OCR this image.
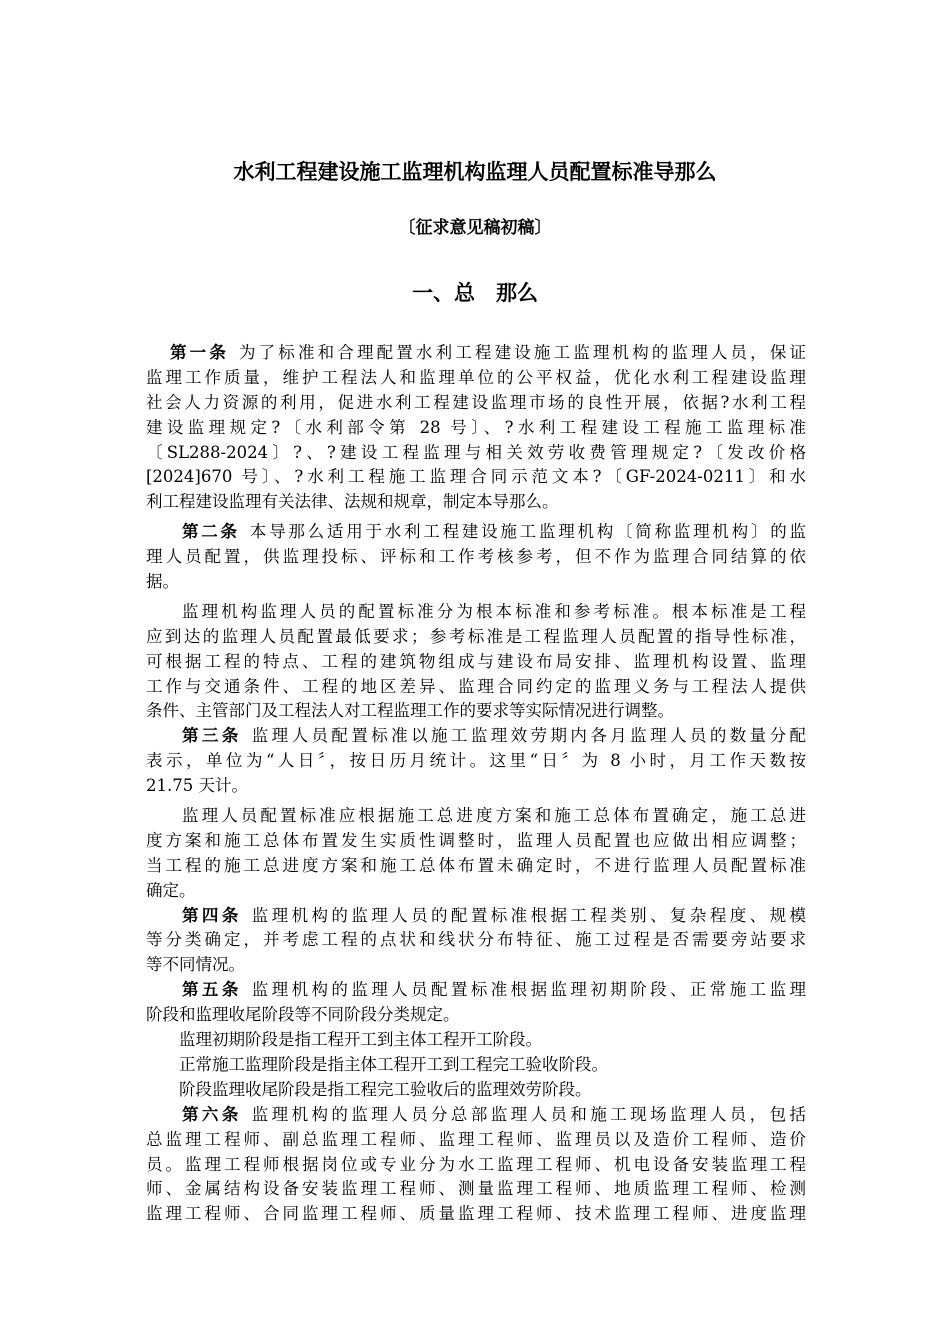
水利工程建设施工监理机构监理人员配置标准导那么
〔征求意见稿初稿〕
一、总　那么
第一条 为了标准和合理配置水利工程建设施工监理机构的监理人员，保证
监理工作质量，维护工程法人和监理单位的公平权益，优化水利工程建设监理
社会人力资源的利用，促进水利工程建设监理市场的良性开展，依据?水利工程
建设监理规定?〔水利部令第 28 号〕、?水利工程建设工程施工监理标准
〔SL288-2024〕?、?建设工程监理与相关效劳收费管理规定?〔发改价格
[2024]670 号〕、?水利工程施工监理合同示范文本?〔GF-2024-0211〕和水
利工程建设监理有关法律、法规和规章，制定本导那么。
第二条 本导那么适用于水利工程建设施工监理机构〔简称监理机构〕的监
理人员配置，供监理投标、评标和工作考核参考，但不作为监理合同结算的依
据。
监理机构监理人员的配置标准分为根本标准和参考标准。根本标准是工程
应到达的监理人员配置最低要求；参考标准是工程监理人员配置的指导性标准，
可根据工程的特点、工程的建筑物组成与建设布局安排、监理机构设置、监理
工作与交通条件、工程的地区差异、监理合同约定的监理义务与工程法人提供
条件、主管部门及工程法人对工程监理工作的要求等实际情况进行调整。
第三条 监理人员配置标准以施工监理效劳期内各月监理人员的数量分配
表示，单位为“人日〞，按日历月统计。这里“日〞为 8 小时，月工作天数按
21.75 天计。
监理人员配置标准应根据施工总进度方案和施工总体布置确定，施工总进
度方案和施工总体布置发生实质性调整时，监理人员配置也应做出相应调整；
当工程的施工总进度方案和施工总体布置未确定时，不进行监理人员配置标准
确定。
第四条 监理机构的监理人员的配置标准根据工程类别、复杂程度、规模
等分类确定，并考虑工程的点状和线状分布特征、施工过程是否需要旁站要求
等不同情况。
第五条 监理机构的监理人员配置标准根据监理初期阶段、正常施工监理
阶段和监理收尾阶段等不同阶段分类规定。
监理初期阶段是指工程开工到主体工程开工阶段。
正常施工监理阶段是指主体工程开工到工程完工验收阶段。
阶段监理收尾阶段是指工程完工验收后的监理效劳阶段。
第六条 监理机构的监理人员分总部监理人员和施工现场监理人员，包括
总监理工程师、副总监理工程师、监理工程师、监理员以及造价工程师、造价
员。监理工程师根据岗位或专业分为水工监理工程师、机电设备安装监理工程
师、金属结构设备安装监理工程师、测量监理工程师、地质监理工程师、检测
监理工程师、合同监理工程师、质量监理工程师、技术监理工程师、进度监理
